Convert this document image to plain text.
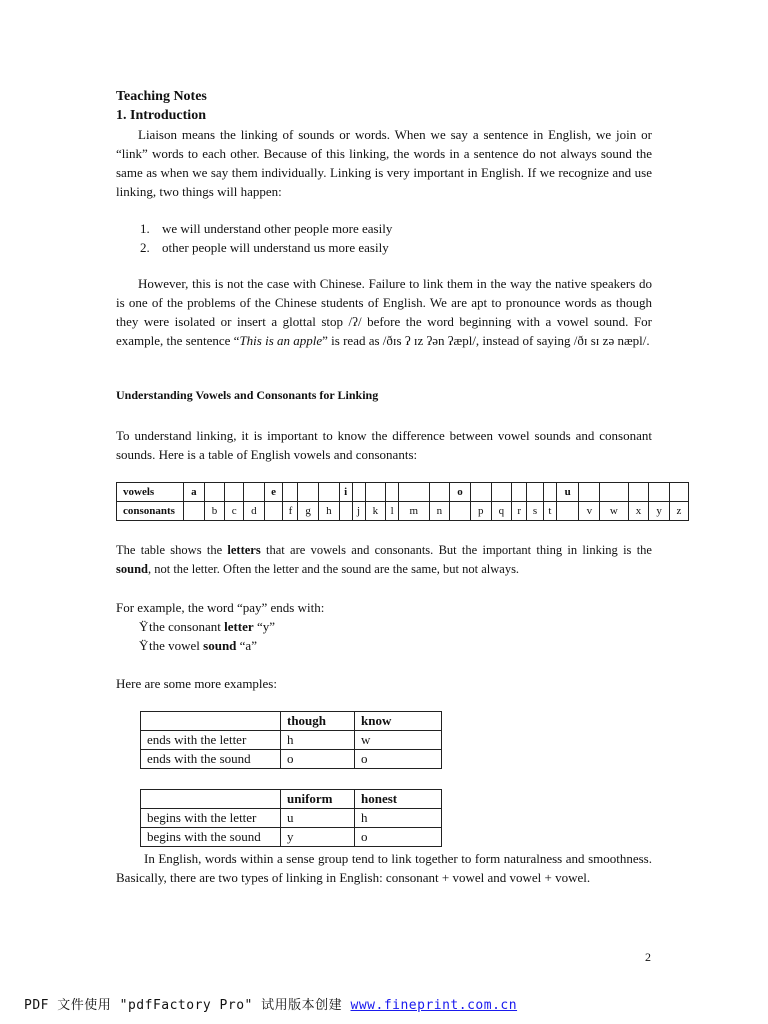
Teaching Notes
1. Introduction
Liaison means the linking of sounds or words. When we say a sentence in English, we join or “link” words to each other. Because of this linking, the words in a sentence do not always sound the same as when we say them individually. Linking is very important in English. If we recognize and use linking, two things will happen:
1. we will understand other people more easily
2. other people will understand us more easily
However, this is not the case with Chinese. Failure to link them in the way the native speakers do is one of the problems of the Chinese students of English. We are apt to pronounce words as though they were isolated or insert a glottal stop /ʔ/ before the word beginning with a vowel sound. For example, the sentence “This is an apple” is read as /ðɪs ʔ ɪz ʔən ʔæpl/, instead of saying /ðɪ sɪ zə næpl/.
Understanding Vowels and Consonants for Linking
To understand linking, it is important to know the difference between vowel sounds and consonant sounds. Here is a table of English vowels and consonants:
vowels	a				e				i						o						u					
consonants		b	c	d		f	g	h		j	k	l	m	n		p	q	r	s	t		v	w	x	y	z
The table shows the letters that are vowels and consonants. But the important thing in linking is the sound, not the letter. Often the letter and the sound are the same, but not always.
For example, the word “pay” ends with:
Ÿthe consonant letter “y”
Ÿthe vowel sound “a”
Here are some more examples:
	though	know
ends with the letter	h	w
ends with the sound	o	o
	uniform	honest
begins with the letter	u	h
begins with the sound	y	o
In English, words within a sense group tend to link together to form naturalness and smoothness. Basically, there are two types of linking in English: consonant + vowel and vowel + vowel.
2
PDF 文件使用 "pdfFactory Pro" 试用版本创建 www.fineprint.com.cn
